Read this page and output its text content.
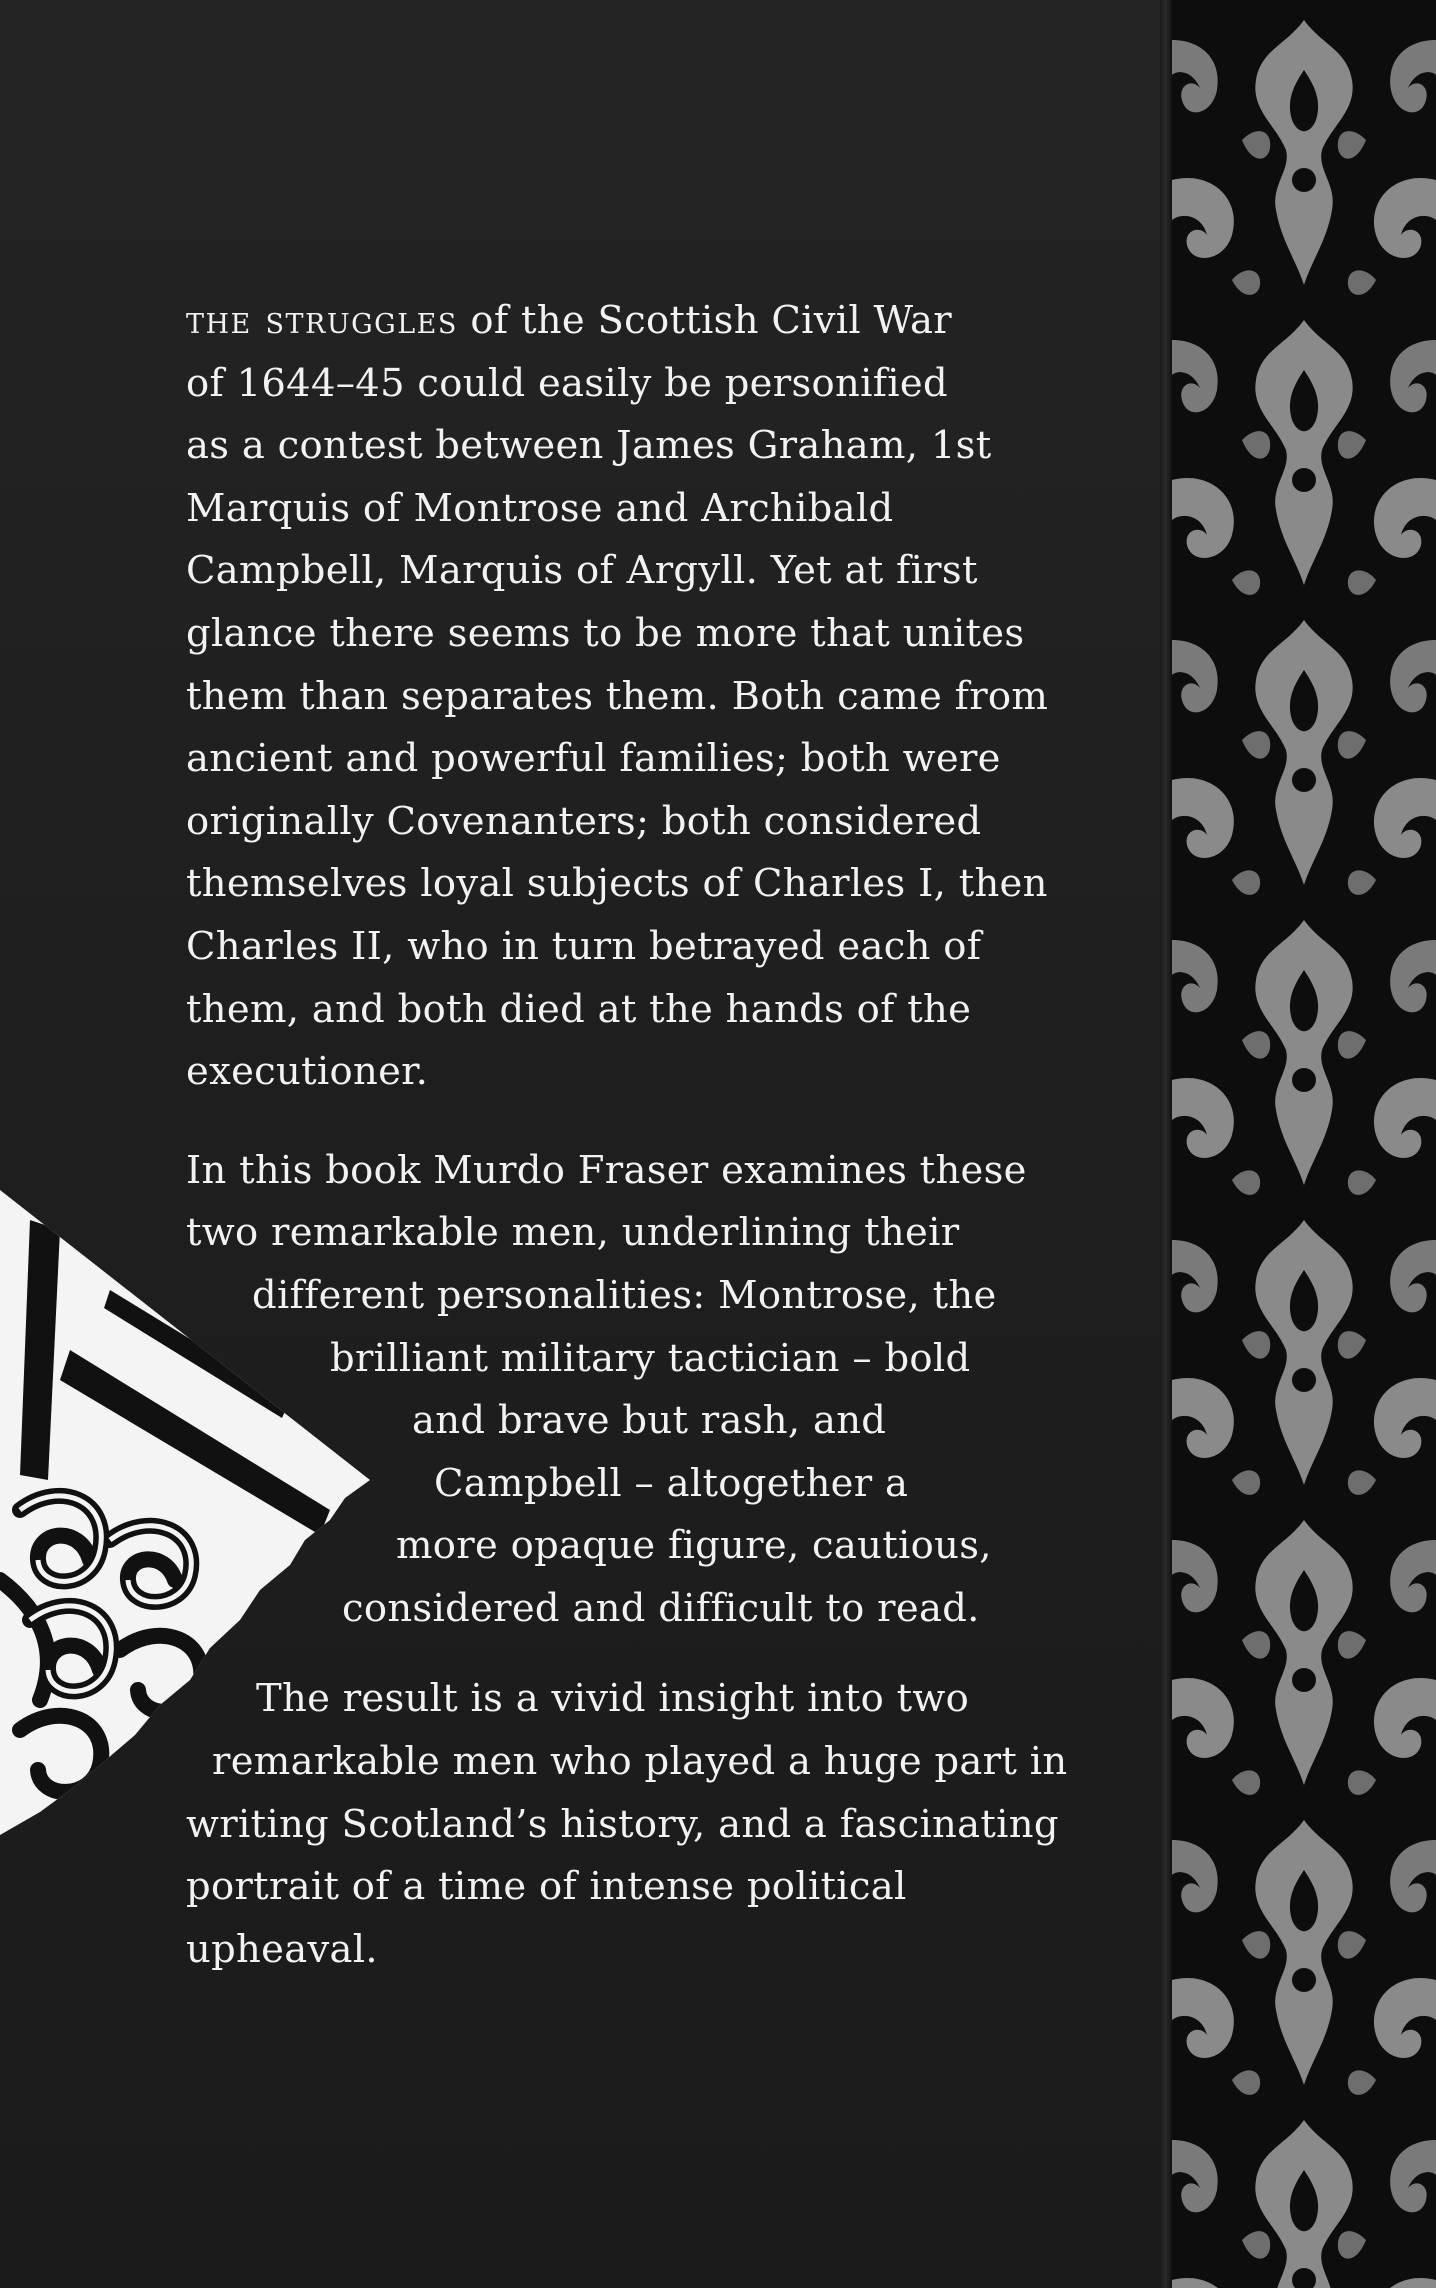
the struggles of the Scottish Civil War
of 1644–45 could easily be personified
as a contest between James Graham, 1st
Marquis of Montrose and Archibald
Campbell, Marquis of Argyll. Yet at first
glance there seems to be more that unites
them than separates them. Both came from
ancient and powerful families; both were
originally Covenanters; both considered
themselves loyal subjects of Charles I, then
Charles II, who in turn betrayed each of
them, and both died at the hands of the
executioner.

In this book Murdo Fraser examines these
two remarkable men, underlining their
different personalities: Montrose, the
brilliant military tactician – bold
and brave but rash, and
Campbell – altogether a
more opaque figure, cautious,
considered and difficult to read.

The result is a vivid insight into two
remarkable men who played a huge part in
writing Scotland’s history, and a fascinating
portrait of a time of intense political
upheaval.
